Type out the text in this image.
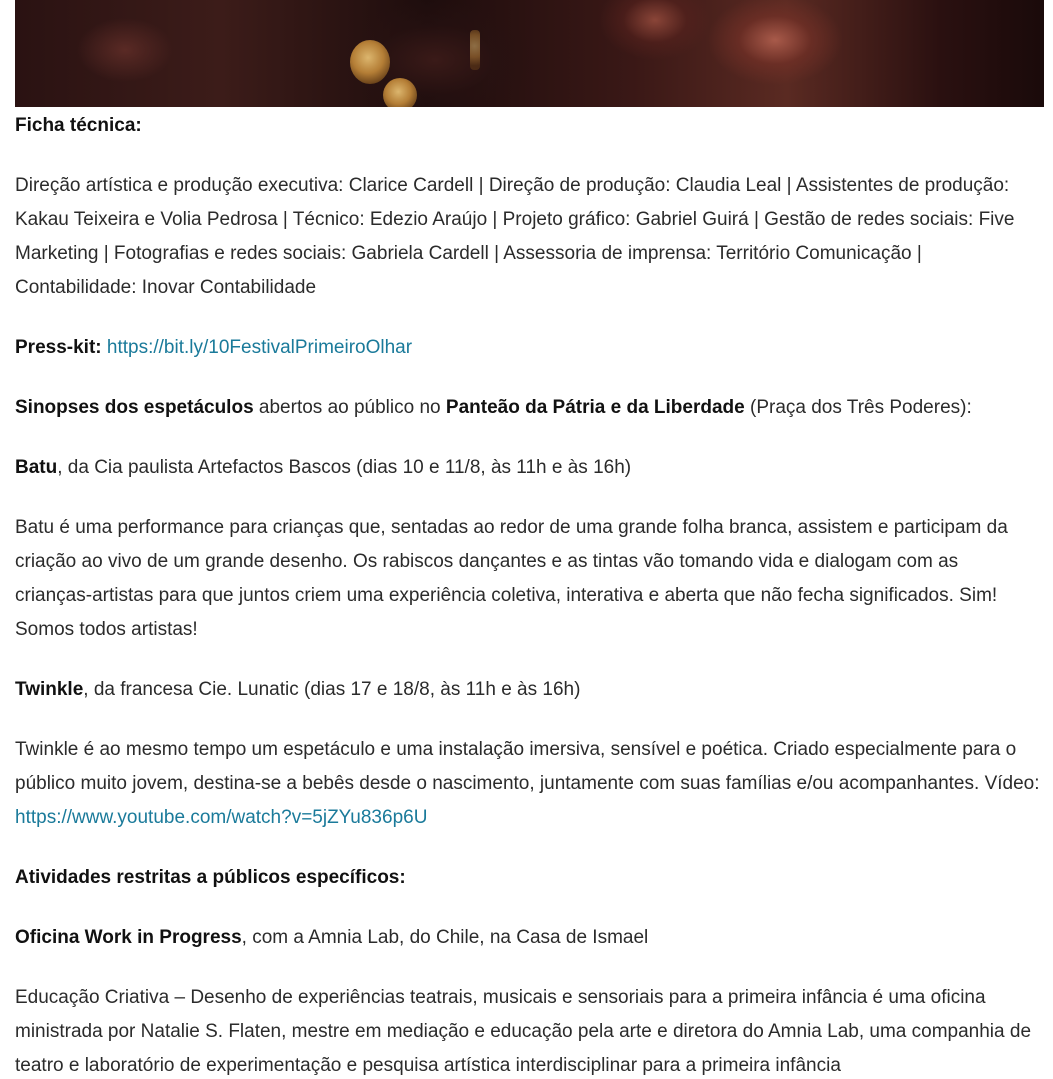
Ficha técnica:

Direção artística e produção executiva: Clarice Cardell | Direção de produção: Claudia Leal | Assistentes de produção: Kakau Teixeira e Volia Pedrosa | Técnico: Edezio Araújo | Projeto gráfico: Gabriel Guirá | Gestão de redes sociais: Five Marketing | Fotografias e redes sociais: Gabriela Cardell | Assessoria de imprensa: Território Comunicação | Contabilidade: Inovar Contabilidade

Press-kit: https://bit.ly/10FestivalPrimeiroOlhar

Sinopses dos espetáculos abertos ao público no Panteão da Pátria e da Liberdade (Praça dos Três Poderes):

Batu, da Cia paulista Artefactos Bascos (dias 10 e 11/8, às 11h e às 16h)

Batu é uma performance para crianças que, sentadas ao redor de uma grande folha branca, assistem e participam da criação ao vivo de um grande desenho. Os rabiscos dançantes e as tintas vão tomando vida e dialogam com as crianças-artistas para que juntos criem uma experiência coletiva, interativa e aberta que não fecha significados. Sim! Somos todos artistas!

Twinkle, da francesa Cie. Lunatic (dias 17 e 18/8, às 11h e às 16h)

Twinkle é ao mesmo tempo um espetáculo e uma instalação imersiva, sensível e poética. Criado especialmente para o público muito jovem, destina-se a bebês desde o nascimento, juntamente com suas famílias e/ou acompanhantes. Vídeo: https://www.youtube.com/watch?v=5jZYu836p6U

Atividades restritas a públicos específicos:

Oficina Work in Progress, com a Amnia Lab, do Chile, na Casa de Ismael

Educação Criativa – Desenho de experiências teatrais, musicais e sensoriais para a primeira infância é uma oficina ministrada por Natalie S. Flaten, mestre em mediação e educação pela arte e diretora do Amnia Lab, uma companhia de teatro e laboratório de experimentação e pesquisa artística interdisciplinar para a primeira infância
